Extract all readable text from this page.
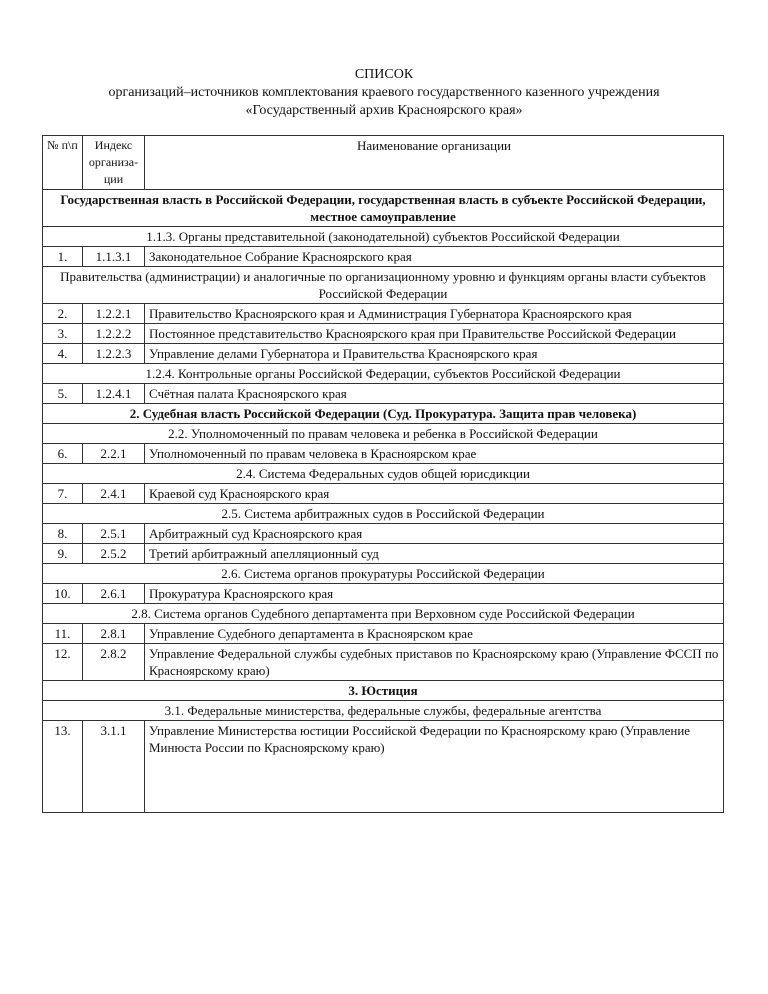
СПИСОК
организаций–источников комплектования краевого государственного казенного учреждения
«Государственный архив Красноярского края»
№ п\п	Индекс организа-ции	Наименование организации
Государственная власть в Российской Федерации, государственная власть в субъекте Российской Федерации, местное самоуправление		
1.1.3. Органы представительной (законодательной) субъектов Российской Федерации		
1.	1.1.3.1	Законодательное Собрание Красноярского края
Правительства (администрации) и аналогичные по организационному уровню и функциям органы власти субъектов Российской Федерации		
2.	1.2.2.1	Правительство Красноярского края и Администрация Губернатора Красноярского края
3.	1.2.2.2	Постоянное представительство Красноярского края при Правительстве Российской Федерации
4.	1.2.2.3	Управление делами Губернатора и Правительства Красноярского края
1.2.4. Контрольные органы Российской Федерации, субъектов Российской Федерации		
5.	1.2.4.1	Счётная палата Красноярского края
2. Судебная власть Российской Федерации (Суд. Прокуратура. Защита прав человека)		
2.2. Уполномоченный по правам человека и ребенка в Российской Федерации		
6.	2.2.1	Уполномоченный по правам человека в Красноярском крае
2.4. Система Федеральных судов общей юрисдикции		
7.	2.4.1	Краевой суд Красноярского края
2.5. Система арбитражных судов в Российской Федерации		
8.	2.5.1	Арбитражный суд Красноярского края
9.	2.5.2	Третий арбитражный апелляционный суд
2.6. Система органов прокуратуры Российской Федерации		
10.	2.6.1	Прокуратура Красноярского края
2.8. Система органов Судебного департамента при Верховном суде Российской Федерации		
11.	2.8.1	Управление Судебного департамента в Красноярском крае
12.	2.8.2	Управление Федеральной службы судебных приставов по Красноярскому краю (Управление ФССП по Красноярскому краю)
3. Юстиция		
3.1. Федеральные министерства, федеральные службы, федеральные агентства		
13.	3.1.1	Управление Министерства юстиции Российской Федерации по Красноярскому краю (Управление Минюста России по Красноярскому краю)
